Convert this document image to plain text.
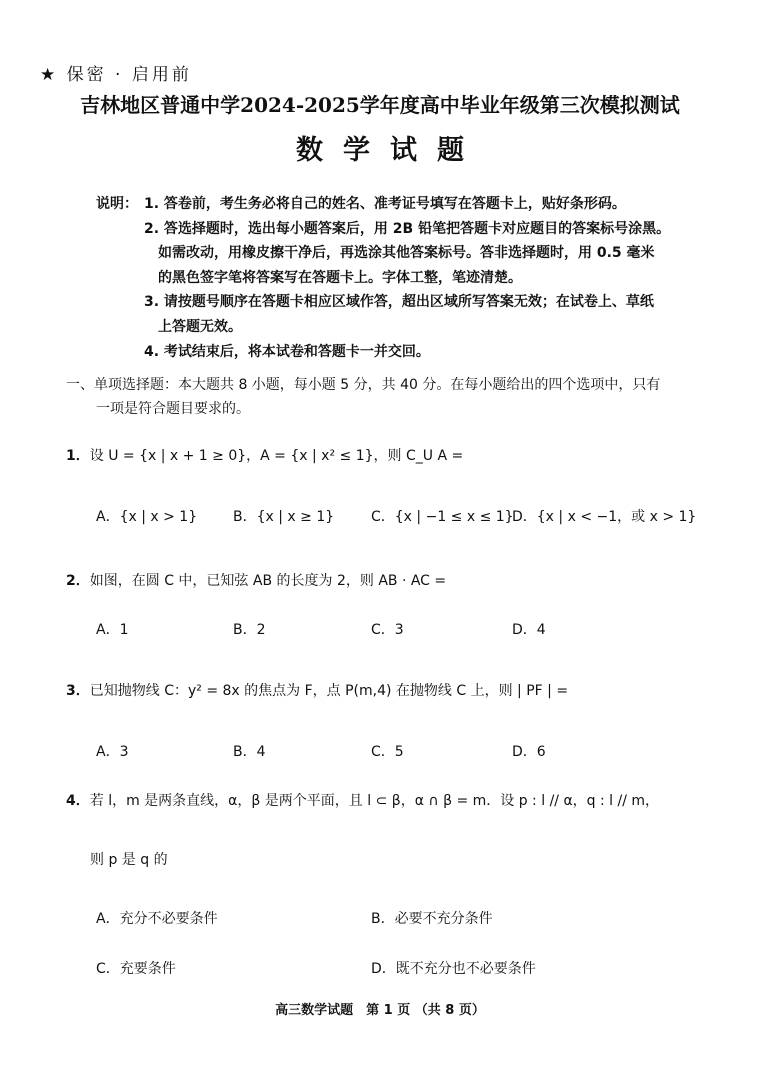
★ 保密 · 启用前
吉林地区普通中学2024-2025学年度高中毕业年级第三次模拟测试
数学试题
说明： 1. 答卷前，考生务必将自己的姓名、准考证号填写在答题卡上，贴好条形码。
2. 答选择题时，选出每小题答案后，用 2B 铅笔把答题卡对应题目的答案标号涂黑。
如需改动，用橡皮擦干净后，再选涂其他答案标号。答非选择题时，用 0.5 毫米
的黑色签字笔将答案写在答题卡上。字体工整，笔迹清楚。
3. 请按题号顺序在答题卡相应区域作答，超出区域所写答案无效；在试卷上、草纸
上答题无效。
4. 考试结束后，将本试卷和答题卡一并交回。
一、单项选择题：本大题共 8 小题，每小题 5 分，共 40 分。在每小题给出的四个选项中，只有
一项是符合题目要求的。
1．设 U = {x | x + 1 ≥ 0}，A = {x | x² ≤ 1}，则 C_U A =
A．{x | x > 1}	B．{x | x ≥ 1}	C．{x | −1 ≤ x ≤ 1}
D．{x | x < −1，或 x > 1}
2．如图，在圆 C 中，已知弦 AB 的长度为 2，则 AB · AC =
A．1	B．2	C．3	D．4
3．已知抛物线 C：y² = 8x 的焦点为 F，点 P(m,4) 在抛物线 C 上，则 | PF | =
A．3	B．4	C．5	D．6
4．若 l，m 是两条直线，α，β 是两个平面，且 l ⊂ β，α ∩ β = m．设 p : l // α，q : l // m，
则 p 是 q 的
A．充分不必要条件	B．必要不充分条件
C．充要条件	D．既不充分也不必要条件
高三数学试题　第 1 页 （共 8 页）
